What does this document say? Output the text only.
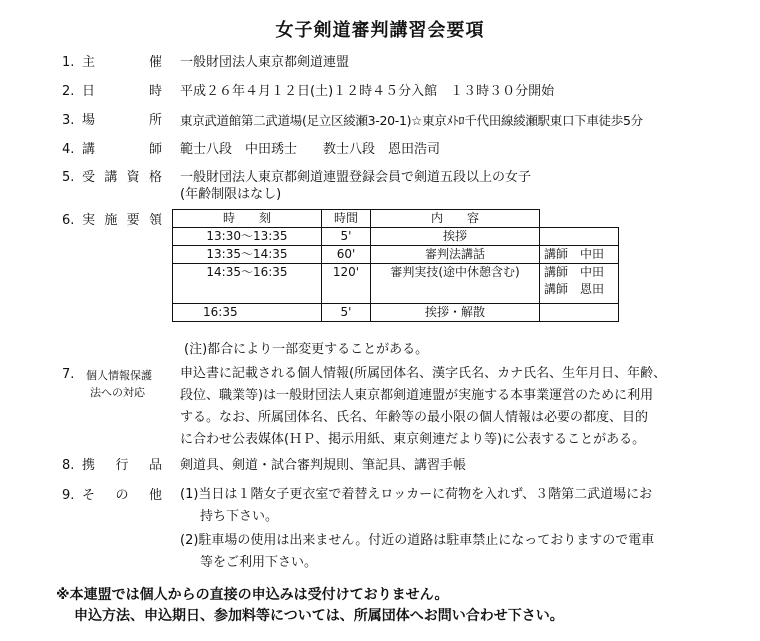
女子剣道審判講習会要項
1. 主	催 一般財団法人東京都剣道連盟
2. 日	時 平成２６年４月１２日(土)１２時４５分入館　１３時３０分開始
3. 場	所 東京武道館第二武道場(足立区綾瀬3-20-1)☆東京ﾒﾄﾛ千代田線綾瀬駅東口下車徒歩5分
4. 講	師 範士八段　中田琇士　　教士八段　恩田浩司
5. 受 講 資 格 一般財団法人東京都剣道連盟登録会員で剣道五段以上の女子
(年齢制限はなし)
6. 実 施 要 領	時　　刻	時間	内　　容	
13:30～13:35	5'	挨拶	
13:35～14:35	60'	審判法講話	講師　中田
14:35～16:35	120'	審判実技(途中休憩含む)	講師　中田
講師　恩田

16:35	5'	挨拶・解散	
(注)都合により一部変更することがある。
7.	個人情報保護
法への対応
申込書に記載される個人情報(所属団体名、漢字氏名、カナ氏名、生年月日、年齢、
段位、職業等)は一般財団法人東京都剣道連盟が実施する本事業運営のために利用
する。なお、所属団体名、氏名、年齢等の最小限の個人情報は必要の都度、目的
に合わせ公表媒体(ＨＰ、掲示用紙、東京剣連だより等)に公表することがある。
8. 携 行 品 剣道具、剣道・試合審判規則、筆記具、講習手帳
9. そ の 他 (1)当日は１階女子更衣室で着替えロッカーに荷物を入れず、３階第二武道場にお
持ち下さい。
(2)駐車場の使用は出来ません。付近の道路は駐車禁止になっておりますので電車
等をご利用下さい。
※本連盟では個人からの直接の申込みは受付けておりません。
申込方法、申込期日、参加料等については、所属団体へお問い合わせ下さい。
